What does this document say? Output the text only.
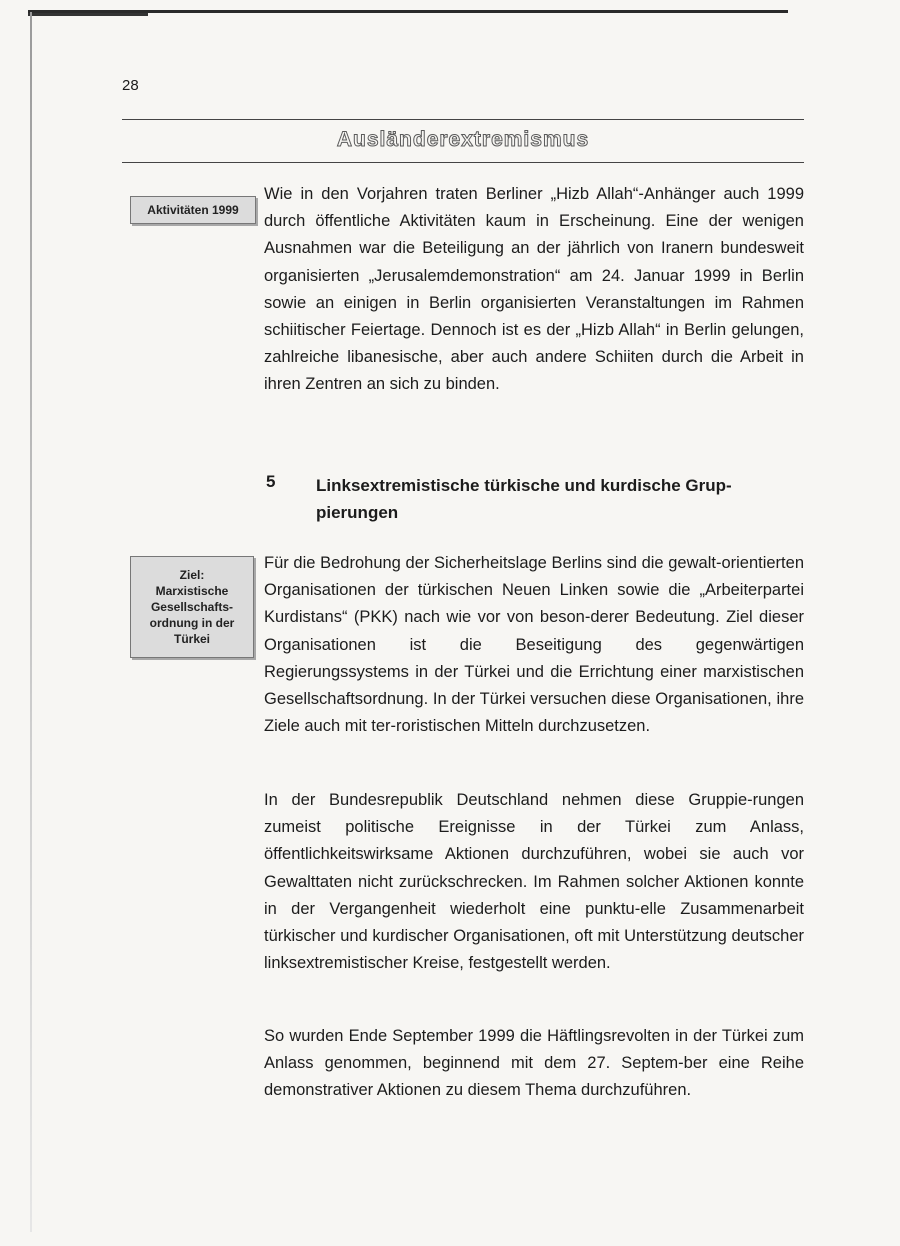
28
Ausländerextremismus
Aktivitäten 1999

Wie in den Vorjahren traten Berliner „Hizb Allah“-Anhänger auch 1999 durch öffentliche Aktivitäten kaum in Erscheinung. Eine der wenigen Ausnahmen war die Beteiligung an der jährlich von Iranern bundesweit organisierten „Jerusalemdemonstration“ am 24. Januar 1999 in Berlin sowie an einigen in Berlin organisierten Veranstaltungen im Rahmen schiitischer Feiertage. Dennoch ist es der „Hizb Allah“ in Berlin gelungen, zahlreiche libanesische, aber auch andere Schiiten durch die Arbeit in ihren Zentren an sich zu binden.

5 Linksextremistische türkische und kurdische Grup-pierungen
Ziel:
Marxistische
Gesellschafts-
ordnung in der
Türkei

Für die Bedrohung der Sicherheitslage Berlins sind die gewalt-orientierten Organisationen der türkischen Neuen Linken sowie die „Arbeiterpartei Kurdistans“ (PKK) nach wie vor von beson-derer Bedeutung. Ziel dieser Organisationen ist die Beseitigung des gegenwärtigen Regierungssystems in der Türkei und die Errichtung einer marxistischen Gesellschaftsordnung. In der Türkei versuchen diese Organisationen, ihre Ziele auch mit ter-roristischen Mitteln durchzusetzen.

In der Bundesrepublik Deutschland nehmen diese Gruppie-rungen zumeist politische Ereignisse in der Türkei zum Anlass, öffentlichkeitswirksame Aktionen durchzuführen, wobei sie auch vor Gewalttaten nicht zurückschrecken. Im Rahmen solcher Aktionen konnte in der Vergangenheit wiederholt eine punktu-elle Zusammenarbeit türkischer und kurdischer Organisationen, oft mit Unterstützung deutscher linksextremistischer Kreise, festgestellt werden.

So wurden Ende September 1999 die Häftlingsrevolten in der Türkei zum Anlass genommen, beginnend mit dem 27. Septem-ber eine Reihe demonstrativer Aktionen zu diesem Thema durchzuführen.
